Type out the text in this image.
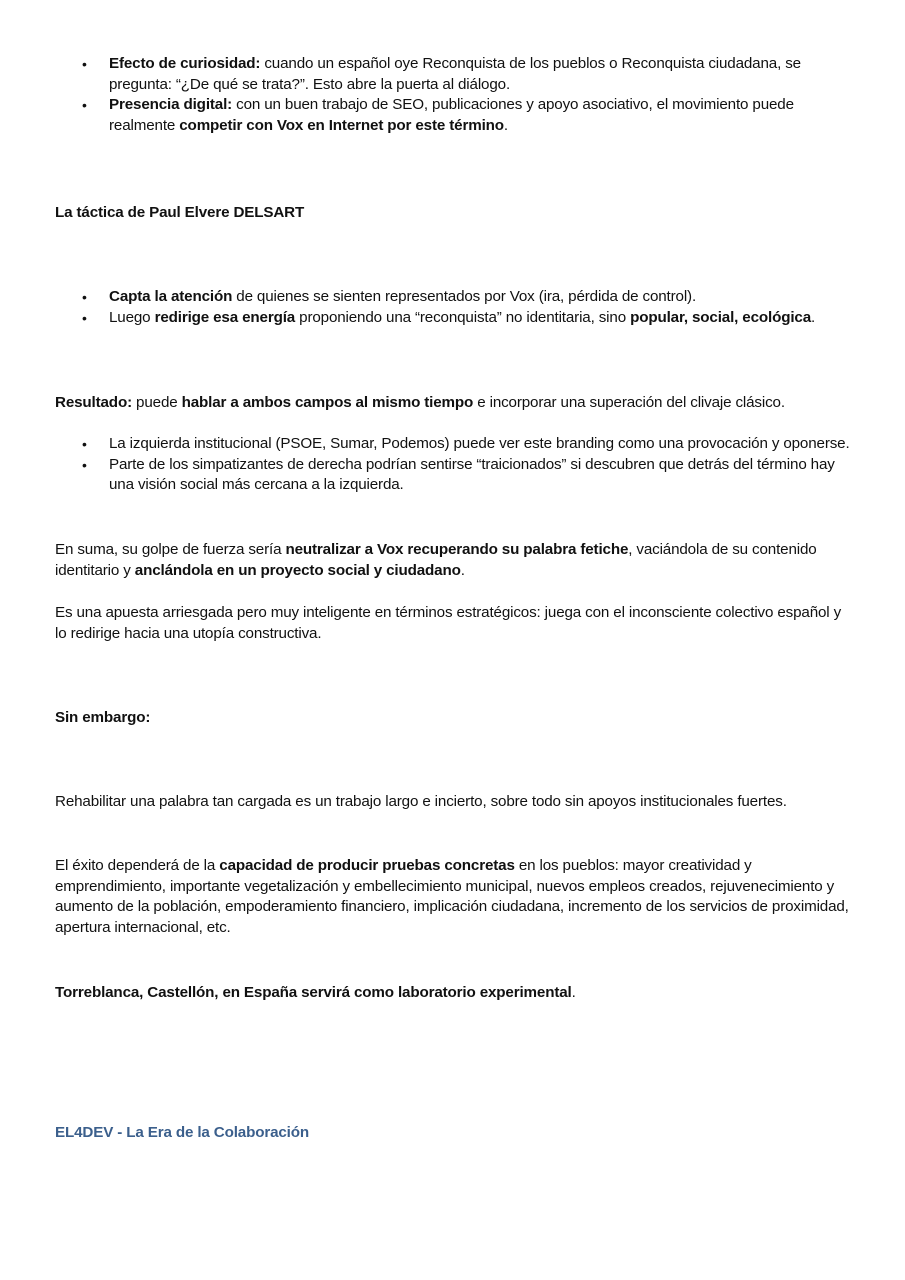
• Efecto de curiosidad: cuando un español oye Reconquista de los pueblos o Reconquista ciudadana, se pregunta: “¿De qué se trata?”. Esto abre la puerta al diálogo.
• Presencia digital: con un buen trabajo de SEO, publicaciones y apoyo asociativo, el movimiento puede realmente competir con Vox en Internet por este término.

La táctica de Paul Elvere DELSART

• Capta la atención de quienes se sienten representados por Vox (ira, pérdida de control).
• Luego redirige esa energía proponiendo una “reconquista” no identitaria, sino popular, social, ecológica.

Resultado: puede hablar a ambos campos al mismo tiempo e incorporar una superación del clivaje clásico.

• La izquierda institucional (PSOE, Sumar, Podemos) puede ver este branding como una provocación y oponerse.
• Parte de los simpatizantes de derecha podrían sentirse “traicionados” si descubren que detrás del término hay una visión social más cercana a la izquierda.

En suma, su golpe de fuerza sería neutralizar a Vox recuperando su palabra fetiche, vaciándola de su contenido identitario y anclándola en un proyecto social y ciudadano.

Es una apuesta arriesgada pero muy inteligente en términos estratégicos: juega con el inconsciente colectivo español y lo redirige hacia una utopía constructiva.

Sin embargo:

Rehabilitar una palabra tan cargada es un trabajo largo e incierto, sobre todo sin apoyos institucionales fuertes.

El éxito dependerá de la capacidad de producir pruebas concretas en los pueblos: mayor creatividad y emprendimiento, importante vegetalización y embellecimiento municipal, nuevos empleos creados, rejuvenecimiento y aumento de la población, empoderamiento financiero, implicación ciudadana, incremento de los servicios de proximidad, apertura internacional, etc.

Torreblanca, Castellón, en España servirá como laboratorio experimental.

EL4DEV - La Era de la Colaboración
